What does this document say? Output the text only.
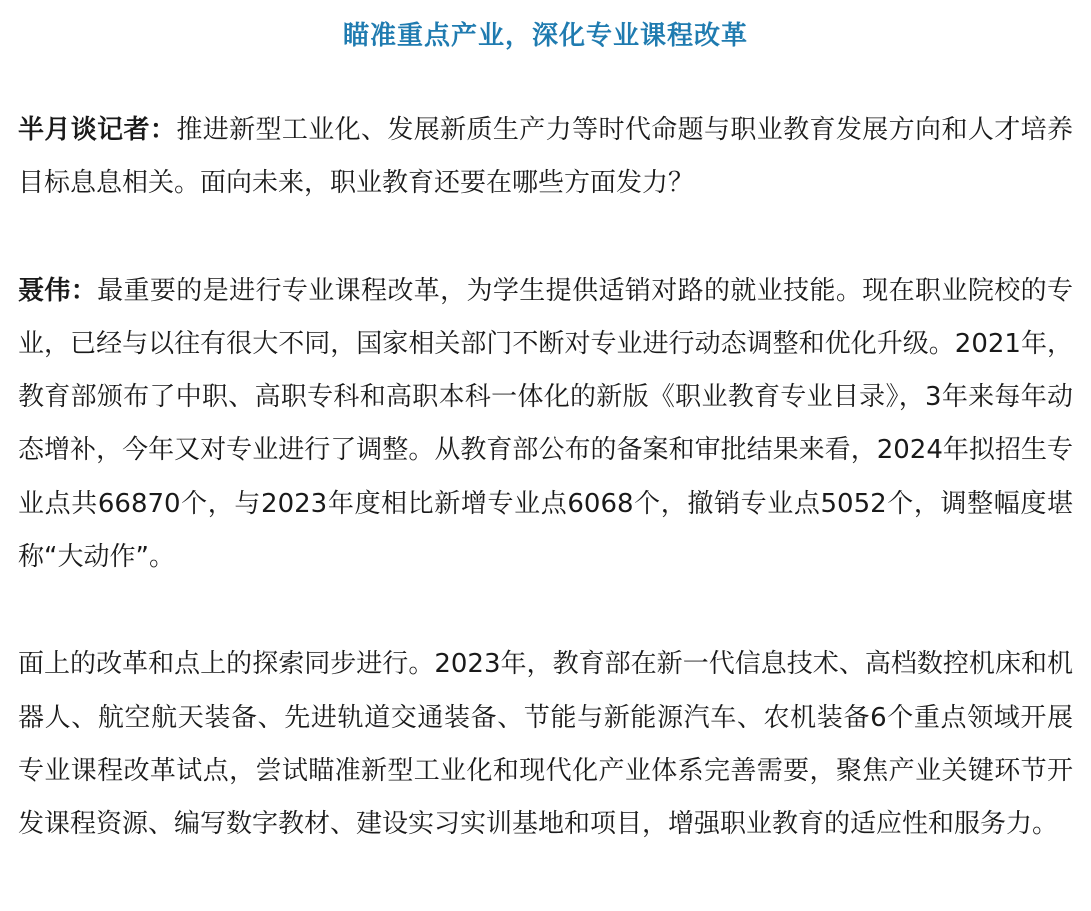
瞄准重点产业，深化专业课程改革

半月谈记者：推进新型工业化、发展新质生产力等时代命题与职业教育发展方向和人才培养目标息息相关。面向未来，职业教育还要在哪些方面发力？

聂伟：最重要的是进行专业课程改革，为学生提供适销对路的就业技能。现在职业院校的专业，已经与以往有很大不同，国家相关部门不断对专业进行动态调整和优化升级。2021年，教育部颁布了中职、高职专科和高职本科一体化的新版《职业教育专业目录》，3年来每年动态增补，今年又对专业进行了调整。从教育部公布的备案和审批结果来看，2024年拟招生专业点共66870个，与2023年度相比新增专业点6068个，撤销专业点5052个，调整幅度堪称“大动作”。

面上的改革和点上的探索同步进行。2023年，教育部在新一代信息技术、高档数控机床和机器人、航空航天装备、先进轨道交通装备、节能与新能源汽车、农机装备6个重点领域开展专业课程改革试点，尝试瞄准新型工业化和现代化产业体系完善需要，聚焦产业关键环节开发课程资源、编写数字教材、建设实习实训基地和项目，增强职业教育的适应性和服务力。
